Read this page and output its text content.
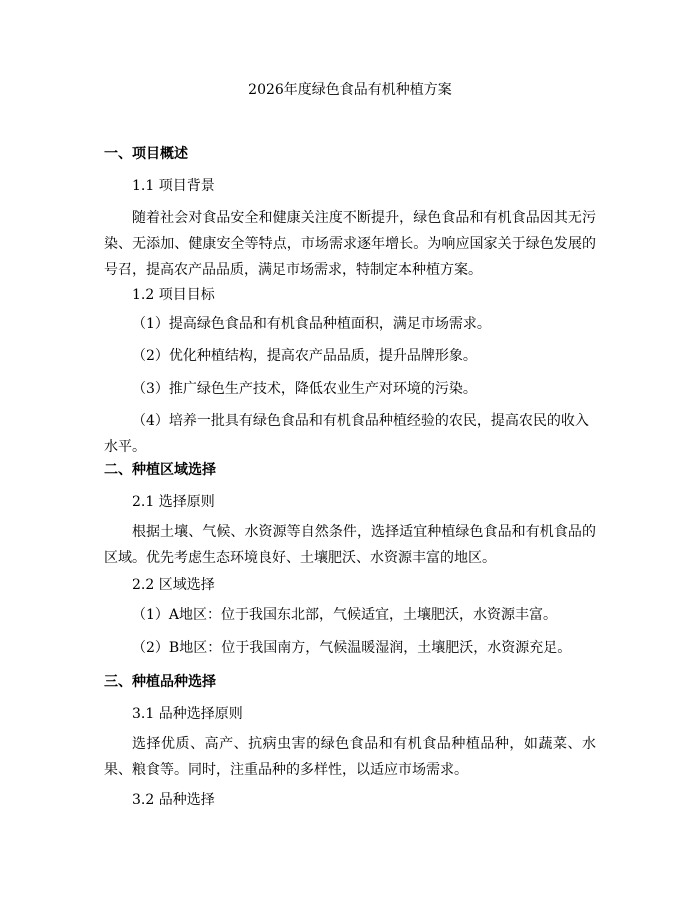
2026年度绿色食品有机种植方案
一、项目概述
1.1 项目背景
随着社会对食品安全和健康关注度不断提升，绿色食品和有机食品因其无污染、无添加、健康安全等特点，市场需求逐年增长。为响应国家关于绿色发展的号召，提高农产品品质，满足市场需求，特制定本种植方案。
1.2 项目目标
（1）提高绿色食品和有机食品种植面积，满足市场需求。
（2）优化种植结构，提高农产品品质，提升品牌形象。
（3）推广绿色生产技术，降低农业生产对环境的污染。
（4）培养一批具有绿色食品和有机食品种植经验的农民，提高农民的收入水平。
二、种植区域选择
2.1 选择原则
根据土壤、气候、水资源等自然条件，选择适宜种植绿色食品和有机食品的区域。优先考虑生态环境良好、土壤肥沃、水资源丰富的地区。
2.2 区域选择
（1）A地区：位于我国东北部，气候适宜，土壤肥沃，水资源丰富。
（2）B地区：位于我国南方，气候温暖湿润，土壤肥沃，水资源充足。
三、种植品种选择
3.1 品种选择原则
选择优质、高产、抗病虫害的绿色食品和有机食品种植品种，如蔬菜、水果、粮食等。同时，注重品种的多样性，以适应市场需求。
3.2 品种选择
